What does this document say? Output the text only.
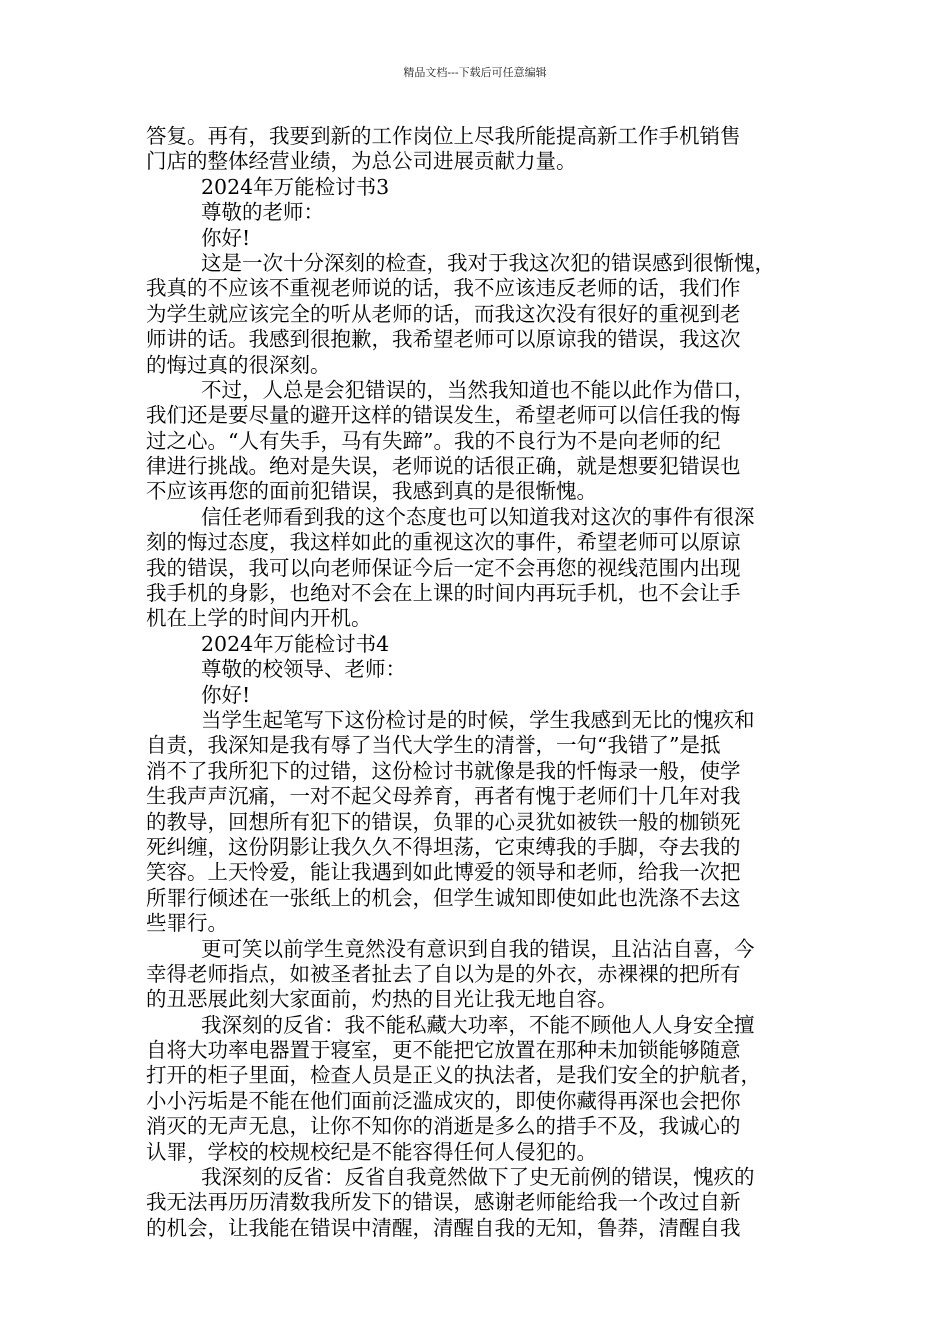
精品文档---下载后可任意编辑
答复。再有，我要到新的工作岗位上尽我所能提高新工作手机销售
门店的整体经营业绩，为总公司进展贡献力量。
2024年万能检讨书3
尊敬的老师：
你好!
这是一次十分深刻的检查，我对于我这次犯的错误感到很惭愧，
我真的不应该不重视老师说的话，我不应该违反老师的话，我们作
为学生就应该完全的听从老师的话，而我这次没有很好的重视到老
师讲的话。我感到很抱歉，我希望老师可以原谅我的错误，我这次
的悔过真的很深刻。
不过，人总是会犯错误的，当然我知道也不能以此作为借口，
我们还是要尽量的避开这样的错误发生，希望老师可以信任我的悔
过之心。“人有失手，马有失蹄”。我的不良行为不是向老师的纪
律进行挑战。绝对是失误，老师说的话很正确，就是想要犯错误也
不应该再您的面前犯错误，我感到真的是很惭愧。
信任老师看到我的这个态度也可以知道我对这次的事件有很深
刻的悔过态度，我这样如此的重视这次的事件，希望老师可以原谅
我的错误，我可以向老师保证今后一定不会再您的视线范围内出现
我手机的身影，也绝对不会在上课的时间内再玩手机，也不会让手
机在上学的时间内开机。
2024年万能检讨书4
尊敬的校领导、老师：
你好!
当学生起笔写下这份检讨是的时候，学生我感到无比的愧疚和
自责，我深知是我有辱了当代大学生的清誉，一句“我错了”是抵
消不了我所犯下的过错，这份检讨书就像是我的忏悔录一般，使学
生我声声沉痛，一对不起父母养育，再者有愧于老师们十几年对我
的教导，回想所有犯下的错误，负罪的心灵犹如被铁一般的枷锁死
死纠缠，这份阴影让我久久不得坦荡，它束缚我的手脚，夺去我的
笑容。上天怜爱，能让我遇到如此博爱的领导和老师，给我一次把
所罪行倾述在一张纸上的机会，但学生诚知即使如此也洗涤不去这
些罪行。
更可笑以前学生竟然没有意识到自我的错误，且沾沾自喜，今
幸得老师指点，如被圣者扯去了自以为是的外衣，赤裸裸的把所有
的丑恶展此刻大家面前，灼热的目光让我无地自容。
我深刻的反省：我不能私藏大功率，不能不顾他人人身安全擅
自将大功率电器置于寝室，更不能把它放置在那种未加锁能够随意
打开的柜子里面，检查人员是正义的执法者，是我们安全的护航者，
小小污垢是不能在他们面前泛滥成灾的，即使你藏得再深也会把你
消灭的无声无息，让你不知你的消逝是多么的措手不及，我诚心的
认罪，学校的校规校纪是不能容得任何人侵犯的。
我深刻的反省：反省自我竟然做下了史无前例的错误，愧疚的
我无法再历历清数我所发下的错误，感谢老师能给我一个改过自新
的机会，让我能在错误中清醒，清醒自我的无知，鲁莽，清醒自我
